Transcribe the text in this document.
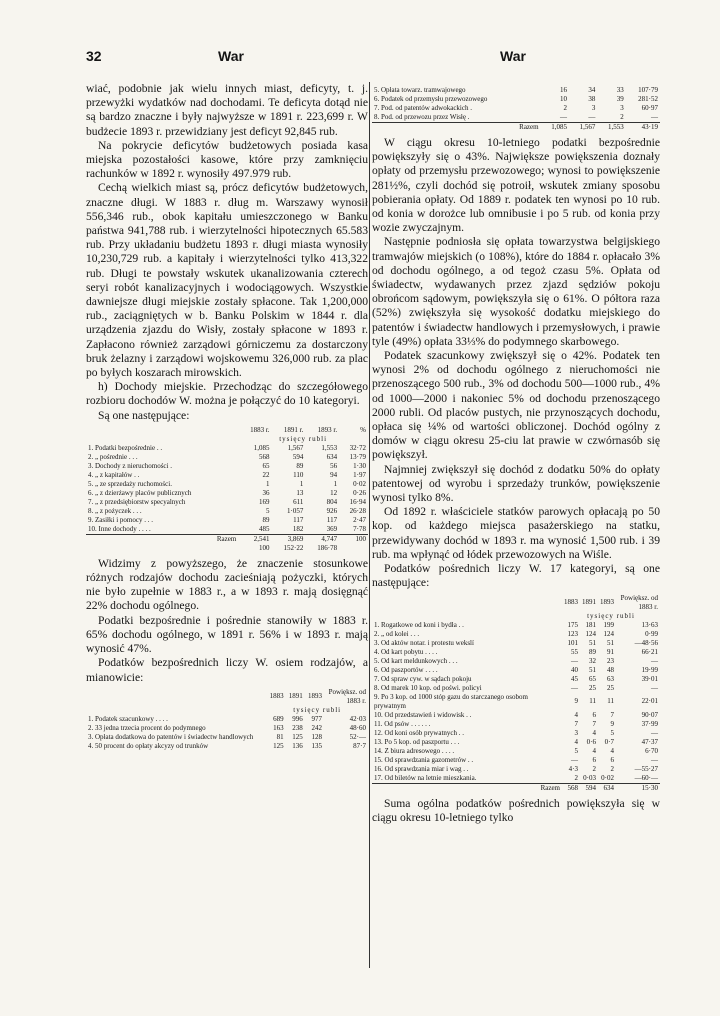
32	War	War

wiać, podobnie jak wielu innych miast, deficyty, t. j. przewyżki wydatków nad dochodami. Te deficyta dotąd nie są bardzo znaczne i były najwyższe w 1891 r. 223,699 r. W budżecie 1893 r. przewidziany jest deficyt 92,845 rub.

Na pokrycie deficytów budżetowych posiada kasa miejska pozostałości kasowe, które przy zamknięciu rachunków w 1892 r. wynosiły 497.979 rub.

Cechą wielkich miast są, prócz deficytów budżetowych, znaczne długi. W 1883 r. dług m. Warszawy wynosił 556,346 rub., obok kapitału umieszczonego w Banku państwa 941,788 rub. i wierzytelności hipotecznych 65.583 rub. Przy układaniu budżetu 1893 r. długi miasta wynosiły 10,230,729 rub. a kapitały i wierzytelności tylko 413,322 rub. Długi te powstały wskutek ukanalizowania czterech seryi robót kanalizacyjnych i wodociągowych. Wszystkie dawniejsze długi miejskie zostały spłacone. Tak 1,200,000 rub., zaciągniętych w b. Banku Polskim w 1844 r. dla urządzenia zjazdu do Wisły, zostały spłacone w 1893 r. Zapłacono również zarządowi górniczemu za dostarczony bruk żelazny i zarządowi wojskowemu 326,000 rub. za plac po byłych koszarach mirowskich.

h) Dochody miejskie. Przechodząc do szczegółowego rozbioru dochodów W. można je połączyć do 10 kategoryi.

Są one następujące:

	1883 r.	1891 r.	1893 r.	%
	tysięcy rubli			
1. Podatki bezpośrednie . .	1,085	1,567	1,553	32·72
2. „ pośrednie . . .	568	594	634	13·79
3. Dochody z nieruchomości .	65	89	56	1·30
4. „ z kapitałów . .	22	110	94	1·97
5. „ ze sprzedaży ruchomości.	1	1	1	0·02
6. „ z dzierżawy placów publicznych	36	13	12	0·26
7. „ z przedsiębiorstw specyalnych	169	611	804	16·94
8. „ z pożyczek . . .	5	1·057	926	26·28
9. Zasiłki i pomocy . . .	89	117	117	2·47
10. Inne dochody . . . .	485	182	369	7·78
Razem	2,541	3,869	4,747	100
	100	152·22	186·78	

Widzimy z powyższego, że znaczenie stosunkowe różnych rodzajów dochodu zacieśniają pożyczki, których nie było zupełnie w 1883 r., a w 1893 r. mają dosięgnąć 22% dochodu ogólnego.

Podatki bezpośrednie i pośrednie stanowiły w 1883 r. 65% dochodu ogólnego, w 1891 r. 56% i w 1893 r. mają wynosić 47%.

Podatków bezpośrednich liczy W. osiem rodzajów, a mianowicie:

	1883	1891	1893	Powiększ. od 1883 r.
	tysięcy rubli			
1. Podatek szacunkowy . . . .	689	996	977	42·03
2. 33 jedna trzecia procent do podymnego	163	238	242	48·60
3. Opłata dodatkowa do patentów i świadectw handlowych	81	125	128	52·—
4. 50 procent do opłaty akcyzy od trunków	125	136	135	87·7
5. Opłata towarz. tramwajowego	16	34	33	107·79
6. Podatek od przemysłu przewozowego	10	38	39	281·52
7. Pod. od patentów adwokackich .	2	3	3	60·97
8. Pod. od przewozu przez Wisłę .	—	—	2	—
Razem	1,085	1,567	1,553	43·19

W ciągu okresu 10-letniego podatki bezpośrednie powiększyły się o 43%. Największe powiększenia doznały opłaty od przemysłu przewozowego; wynosi to powiększenie 281½%, czyli dochód się potroił, wskutek zmiany sposobu pobierania opłaty. Od 1889 r. podatek ten wynosi po 10 rub. od konia w dorożce lub omnibusie i po 5 rub. od konia przy wozie zwyczajnym.

Następnie podniosła się opłata towarzystwa belgijskiego tramwajów miejskich (o 108%), które do 1884 r. opłacało 3% od dochodu ogólnego, a od tegoż czasu 5%. Opłata od świadectw, wydawanych przez zjazd sędziów pokoju obrońcom sądowym, powiększyła się o 61%. O półtora raza (52%) zwiększyła się wysokość dodatku miejskiego do patentów i świadectw handlowych i przemysłowych, i prawie tyle (49%) opłata 33⅓% do podymnego skarbowego.

Podatek szacunkowy zwiększył się o 42%. Podatek ten wynosi 2% od dochodu ogólnego z nieruchomości nie przenoszącego 500 rub., 3% od dochodu 500—1000 rub., 4% od 1000—2000 i nakoniec 5% od dochodu przenoszącego 2000 rubli. Od placów pustych, nie przynoszących dochodu, opłaca się ¼% od wartości obliczonej. Dochód ogólny z domów w ciągu okresu 25-ciu lat prawie w czwórnasób się powiększył.

Najmniej zwiększył się dochód z dodatku 50% do opłaty patentowej od wyrobu i sprzedaży trunków, powiększenie wynosi tylko 8%.

Od 1892 r. właściciele statków parowych opłacają po 50 kop. od każdego miejsca pasażerskiego na statku, przewidywany dochód w 1893 r. ma wynosić 1,500 rub. i 39 rub. ma wpłynąć od łódek przewozowych na Wiśle.

Podatków pośrednich liczy W. 17 kategoryi, są one następujące:

	1883	1891	1893	Powiększ. od 1883 r.
	tysięcy rubli			
1. Rogatkowe od koni i bydła . .	175	181	199	13·63
2. „ od kolei . . .	123	124	124	0·99
3. Od aktów notar. i protestu wekslí	101	51	51	—48·56
4. Od kart pobytu . . . .	55	89	91	66·21
5. Od kart meldunkowych . . .	—	32	23	—
6. Od paszportów . . . .	40	51	48	19·99
7. Od spraw cyw. w sądach pokoju	45	65	63	39·01
8. Od marek 10 kop. od poświ. policyi	—	25	25	—
9. Po 3 kop. od 1000 stóp gazu do starczanego osobom prywatnym	9	11	11	22·01
10. Od przedstawień i widowisk . .	4	6	7	90·07
11. Od psów . . . . . .	7	7	9	37·99
12. Od koni osób prywatnych . .	3	4	5	—
13. Po 5 kop. od paszportu . . .	4	0·6	0·7	47·37
14. Z biura adresowego . . . .	5	4	4	6·70
15. Od sprawdzania gazometrów . .	—	6	6	—
16. Od sprawdzania miar i wag . .	4·3	2	2	—55·27
17. Od biletów na letnie mieszkania.	2	0·03	0·02	—60·—
Razem	568	594	634	15·30

Suma ogólna podatków pośrednich powiększyła się w ciągu okresu 10-letniego tylko
